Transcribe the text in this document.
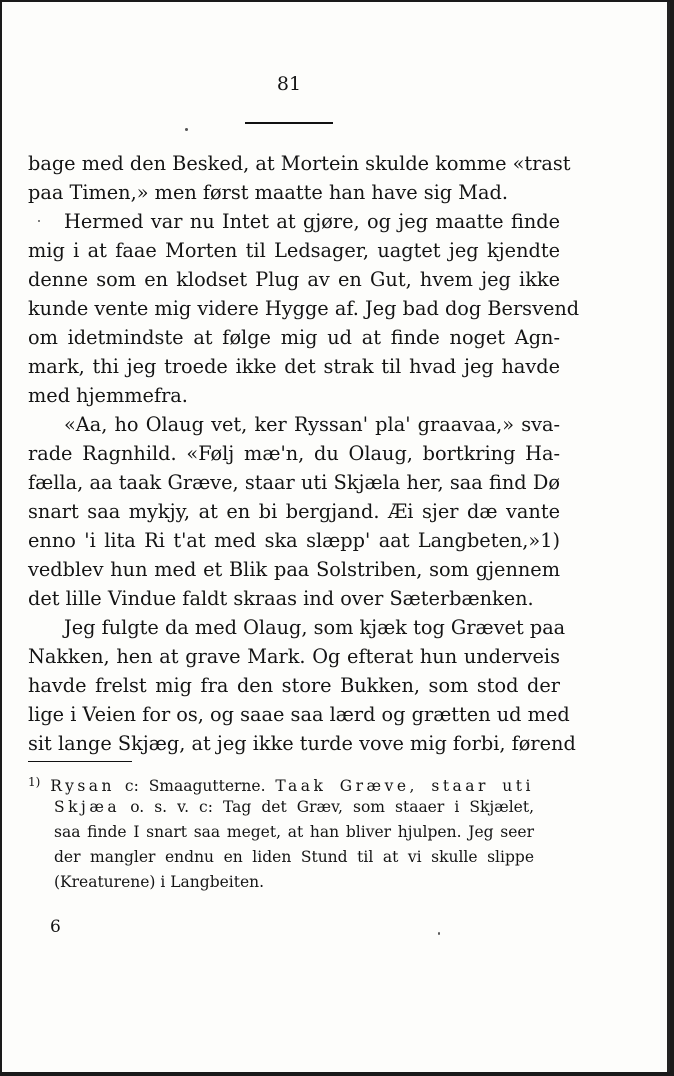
81
bage med den Besked, at Mortein skulde komme «trast
paa Timen,» men først maatte han have sig Mad.
Hermed var nu Intet at gjøre, og jeg maatte finde
mig i at faae Morten til Ledsager, uagtet jeg kjendte
denne som en klodset Plug av en Gut, hvem jeg ikke
kunde vente mig videre Hygge af. Jeg bad dog Bersvend
om idetmindste at følge mig ud at finde noget Agn-
mark, thi jeg troede ikke det strak til hvad jeg havde
med hjemmefra.
«Aa, ho Olaug vet, ker Ryssan' pla' graavaa,» sva-
rade Ragnhild. «Følj mæ'n, du Olaug, bortkring Ha-
fælla, aa taak Græve, staar uti Skjæla her, saa find Dø
snart saa mykjy, at en bi bergjand. Æi sjer dæ vante
enno 'i lita Ri t'at med ska slæpp' aat Langbeten,»1)
vedblev hun med et Blik paa Solstriben, som gjennem
det lille Vindue faldt skraas ind over Sæterbænken.
Jeg fulgte da med Olaug, som kjæk tog Grævet paa
Nakken, hen at grave Mark. Og efterat hun underveis
havde frelst mig fra den store Bukken, som stod der
lige i Veien for os, og saae saa lærd og grætten ud med
sit lange Skjæg, at jeg ikke turde vove mig forbi, førend
$^{1)}$ Rysan c: Smaagutterne. Taak Græve, staar uti
Skjæa o. s. v. c: Tag det Græv, som staaer i Skjælet,
saa finde I snart saa meget, at han bliver hjulpen. Jeg seer
der mangler endnu en liden Stund til at vi skulle slippe
(Kreaturene) i Langbeiten.
6
